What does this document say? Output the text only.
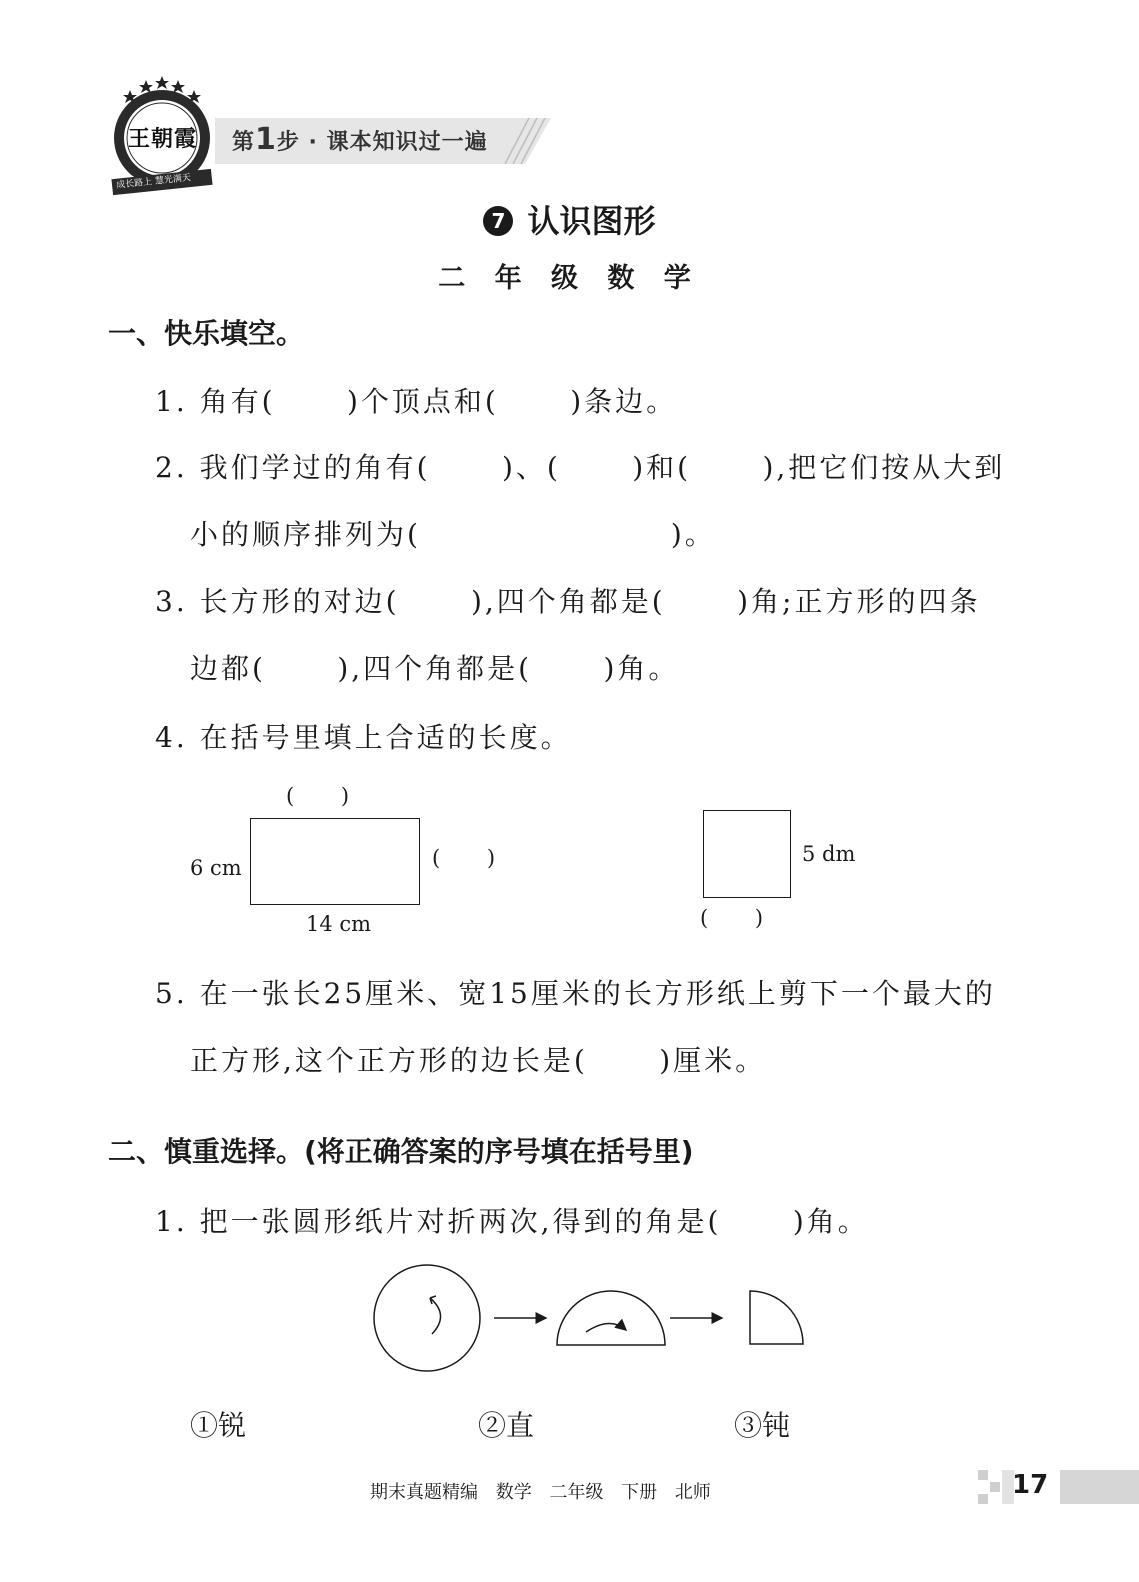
王朝霞
成长路上 慧光满天
第1步 · 课本知识过一遍
7 认识图形
二 年 级 数 学
一、快乐填空。
1. 角有(      )个顶点和(      )条边。
2. 我们学过的角有(      )、(      )和(      ),把它们按从大到
小的顺序排列为(                     )。
3. 长方形的对边(      ),四个角都是(      )角;正方形的四条
边都(      ),四个角都是(      )角。
4. 在括号里填上合适的长度。
(       )
6 cm	(       )
14 cm
5 dm
(       )
5. 在一张长25厘米、宽15厘米的长方形纸上剪下一个最大的
正方形,这个正方形的边长是(      )厘米。
二、慎重选择。(将正确答案的序号填在括号里)
1. 把一张圆形纸片对折两次,得到的角是(      )角。
①锐	②直	③钝
期末真题精编 数学 二年级 下册 北师	17
